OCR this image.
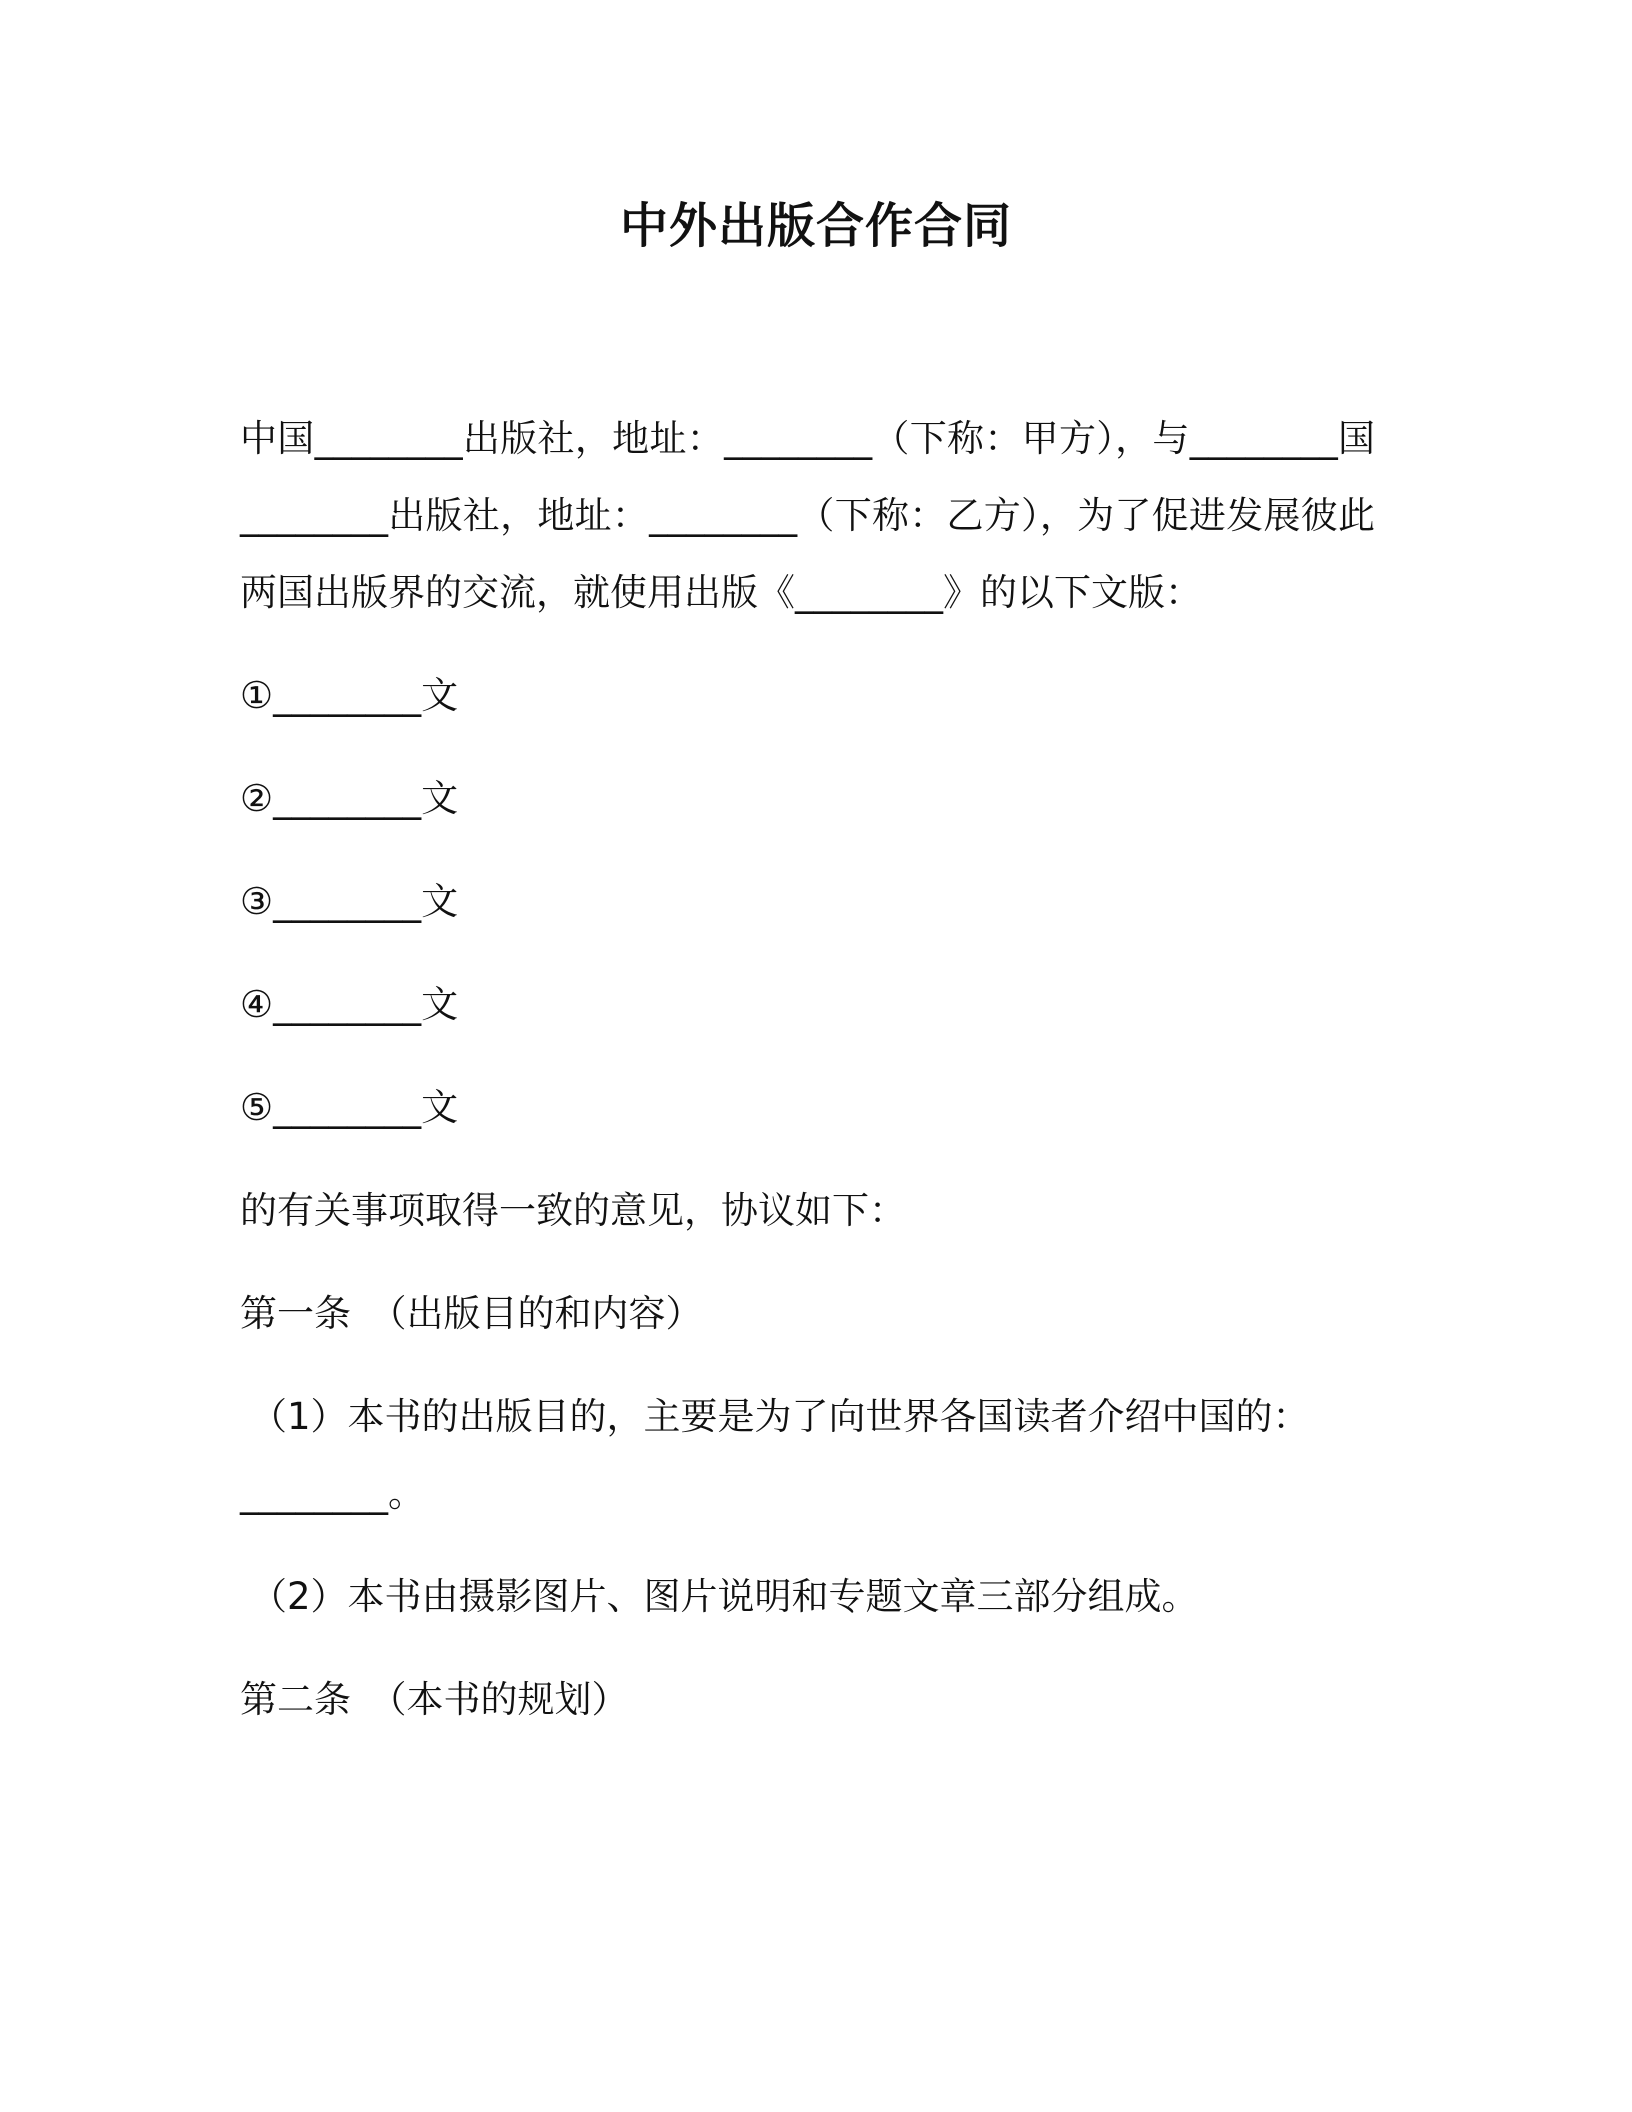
中外出版合作合同

中国________出版社，地址：________（下称：甲方），与________国________出版社，地址：________（下称：乙方），为了促进发展彼此两国出版界的交流，就使用出版《________》的以下文版：

①________文
②________文
③________文
④________文
⑤________文
的有关事项取得一致的意见，协议如下：
第一条　（出版目的和内容）
（1）本书的出版目的，主要是为了向世界各国读者介绍中国的：
________。
（2）本书由摄影图片、图片说明和专题文章三部分组成。
第二条　（本书的规划）
